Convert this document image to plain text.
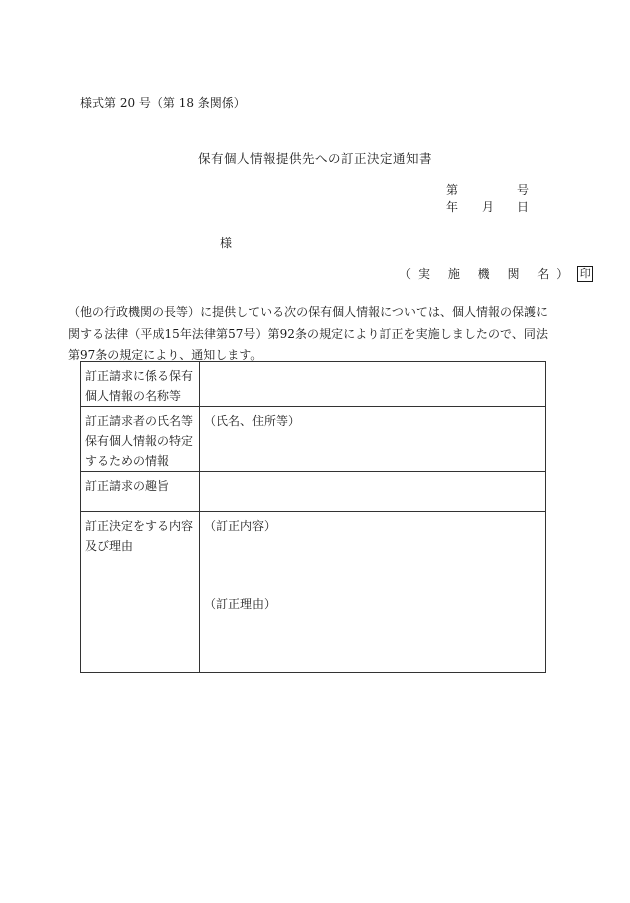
様式第 20 号（第 18 条関係）
保有個人情報提供先への訂正決定通知書
第	号
年 月 日
様
（実 施 機 関 名） 印
（他の行政機関の長等）に提供している次の保有個人情報については、個人情報の保護に関する法律（平成15年法律第57号）第92条の規定により訂正を実施しましたので、同法第97条の規定により、通知します。
訂正請求に係る保有個人情報の名称等	
訂正請求者の氏名等保有個人情報の特定するための情報	（氏名、住所等）
訂正請求の趣旨	
訂正決定をする内容及び理由	（訂正内容）
（訂正理由）
